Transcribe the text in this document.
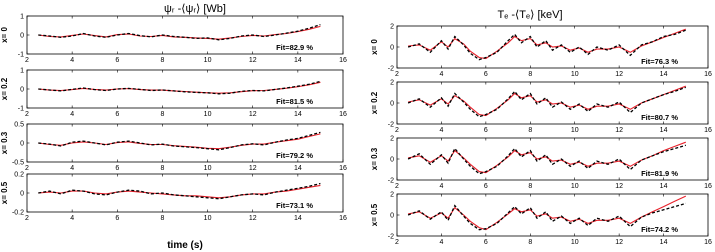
ψᵣ -⟨ψᵣ⟩ [Wb]	Tₑ -⟨Tₑ⟩ [keV]
time (s)
2	4	6	8	10	12	14	16
-1
0
1
x= 0
Fit=82.9 %
2	4	6	8	10	12	14	16
-1
0
1
x= 0.2
Fit=81.5 %
2	4	6	8	10	12	14	16
-0.5
0
0.5
x= 0.3
Fit=79.2 %
2	4	6	8	10	12	14	16
-0.2
0
0.2
x= 0.5
Fit=73.1 %
2	4	6	8	10	12	14	16
-2
0
2
x= 0
Fit=76.3 %
2	4	6	8	10	12	14	16
-2
0
2
x= 0.2
Fit=80.7 %
2	4	6	8	10	12	14	16
-2
0
2
x= 0.3
Fit=81.9 %
2	4	6	8	10	12	14	16
-2
0
2
x= 0.5
Fit=74.2 %
